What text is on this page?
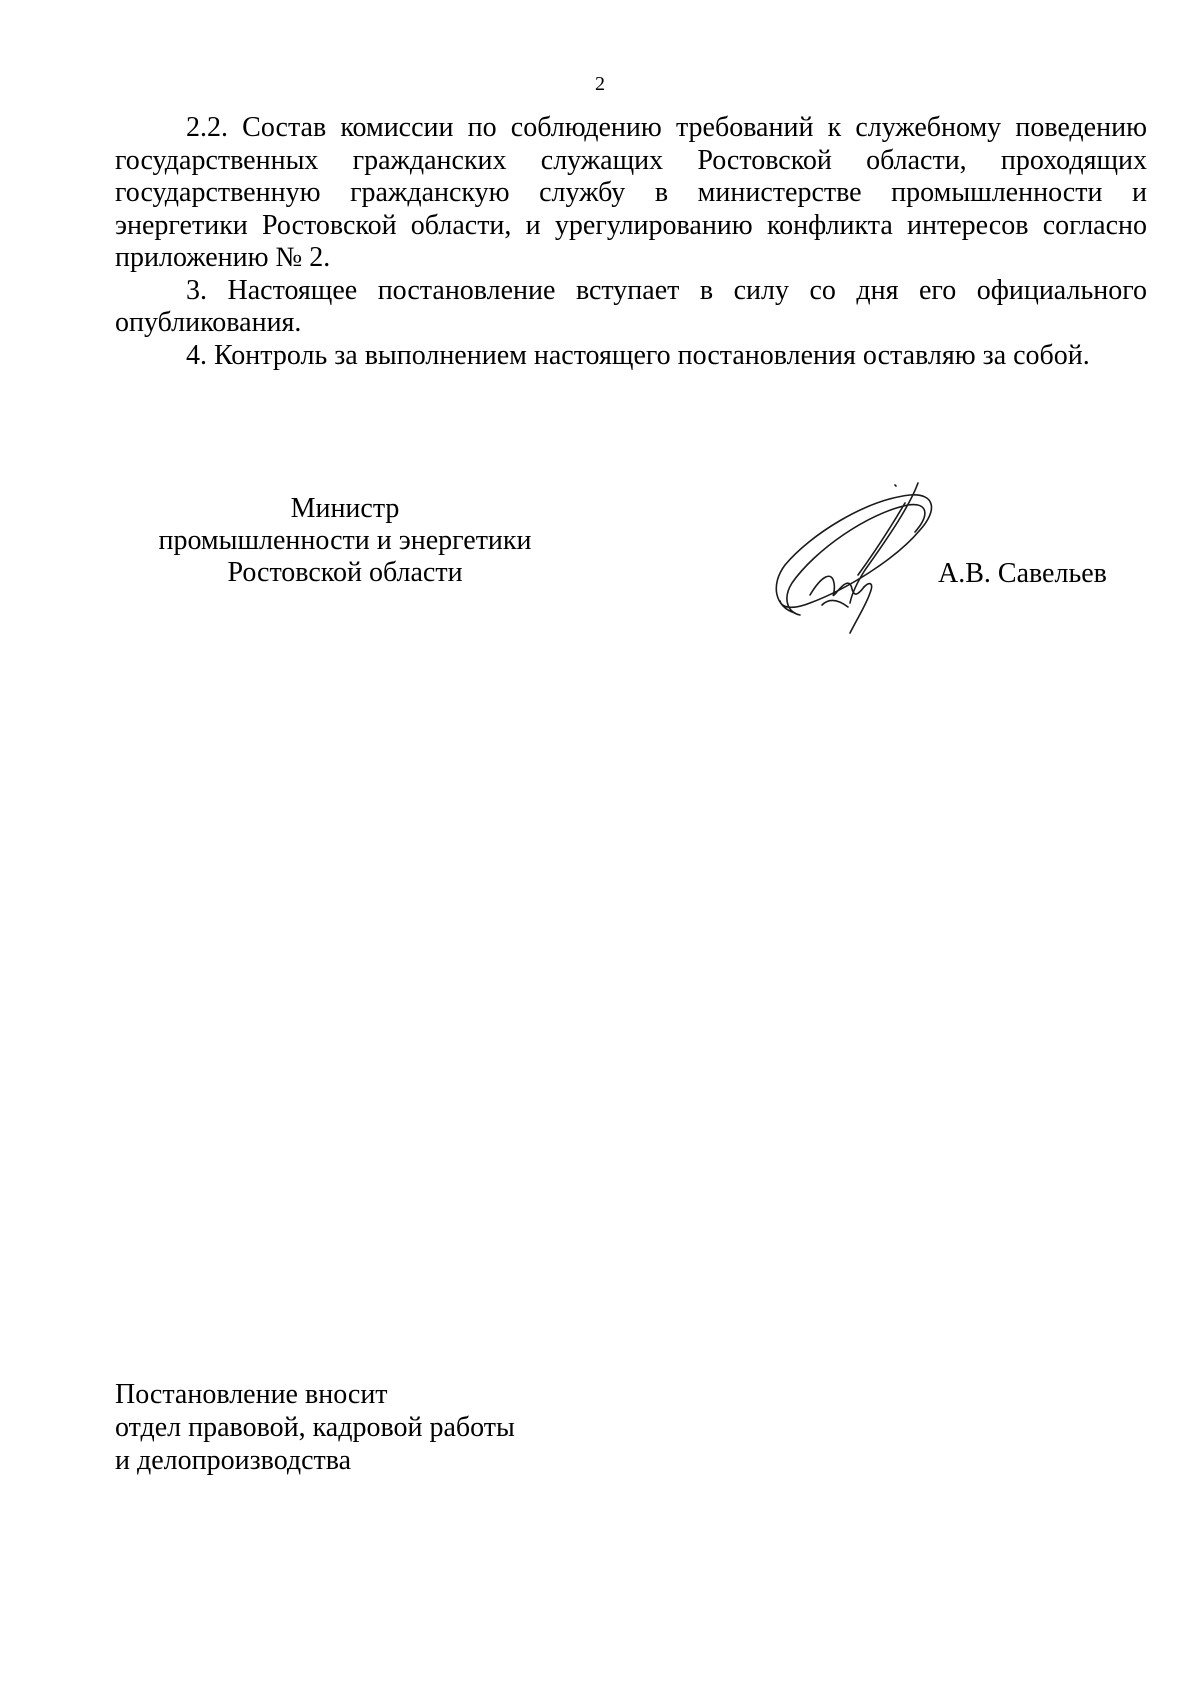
2

2.2. Состав комиссии по соблюдению требований к служебному поведению государственных гражданских служащих Ростовской области, проходящих государственную гражданскую службу в министерстве промышленности и энергетики Ростовской области, и урегулированию конфликта интересов согласно приложению № 2.

3. Настоящее постановление вступает в силу со дня его официального опубликования.

4. Контроль за выполнением настоящего постановления оставляю за собой.

Министр
промышленности и энергетики
Ростовской области	А.В. Савельев
Постановление вносит
отдел правовой, кадровой работы
и делопроизводства
